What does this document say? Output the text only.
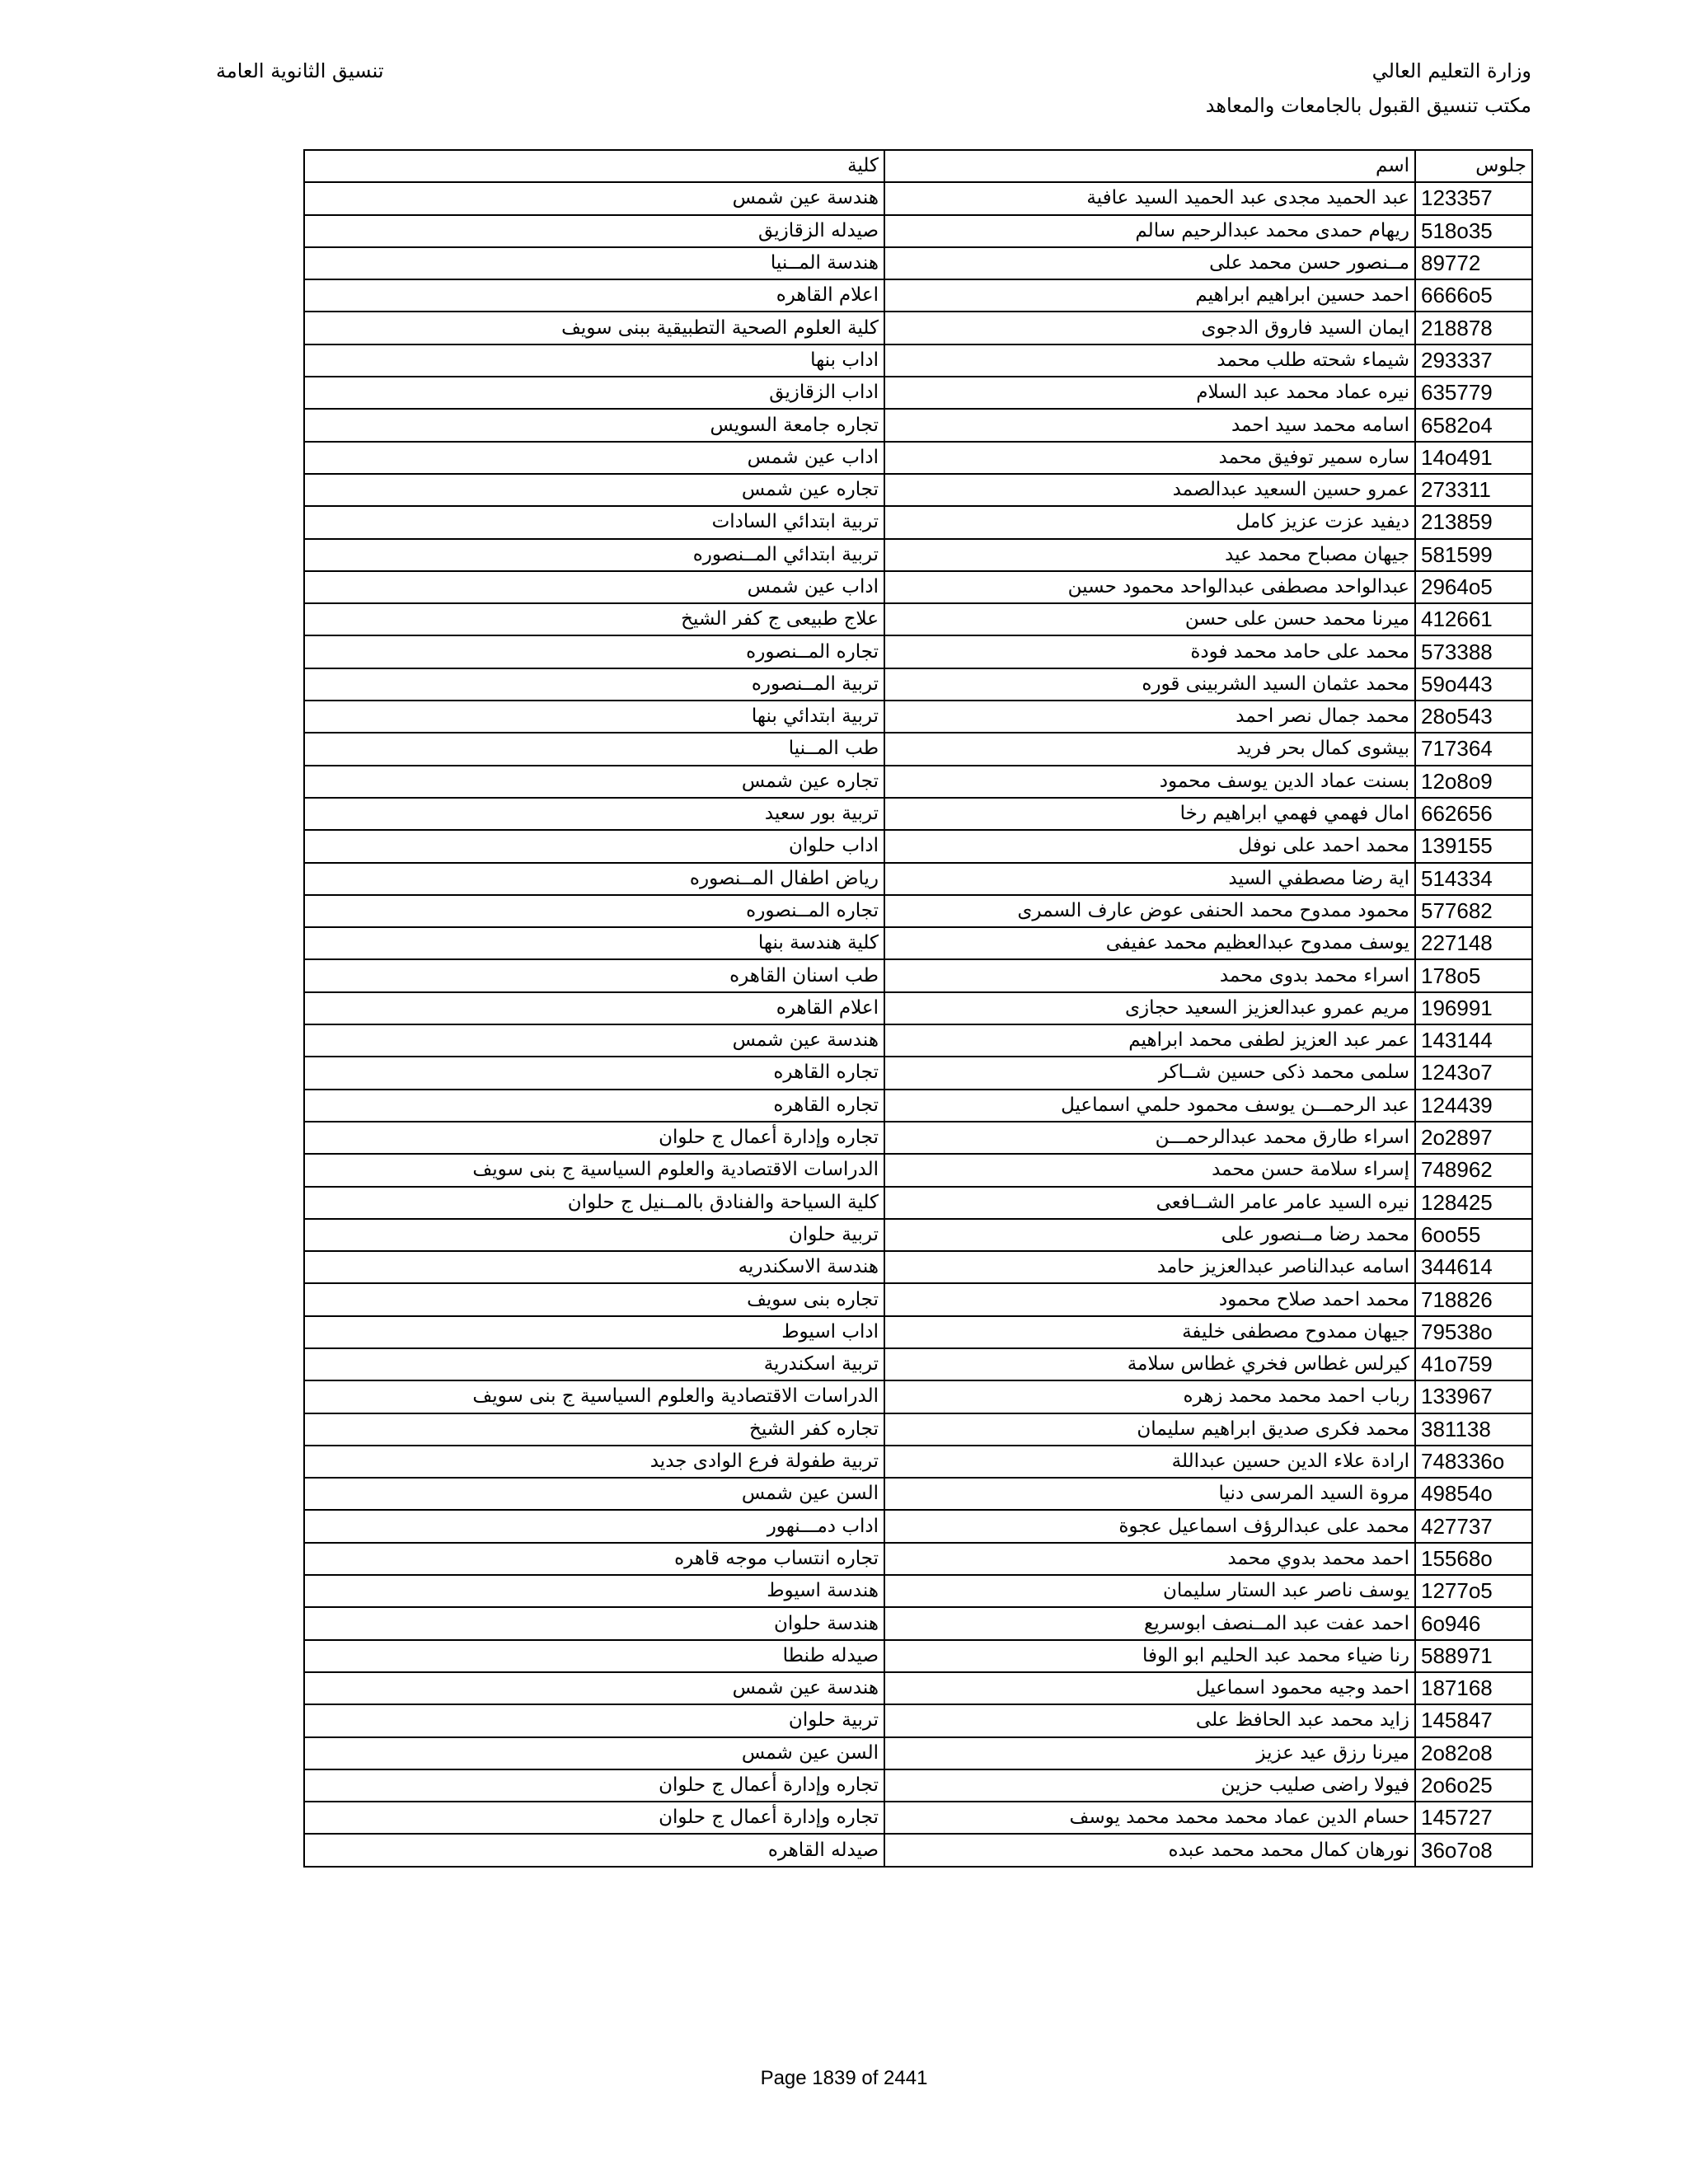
وزارة التعليم العالي
مكتب تنسيق القبول بالجامعات والمعاهد
تنسيق الثانوية العامة
جلوس	اسم	كلية
123357	عبد الحميد مجدى عبد الحميد السيد عافية	هندسة عين شمس
518o35	ريهام حمدى محمد عبدالرحيم سالم	صيدله الزقازيق
89772	مــنصور حسن محمد على	هندسة المــنيا
6666o5	احمد حسين ابراهيم ابراهيم	اعلام القاهره
218878	ايمان السيد فاروق الدجوى	كلية العلوم الصحية التطبيقية ببنى سويف
293337	شيماء شحته طلب محمد	اداب بنها
635779	نيره عماد محمد عبد السلام	اداب الزقازيق
6582o4	اسامه محمد سيد احمد	تجاره جامعة السويس
14o491	ساره سمير توفيق محمد	اداب عين شمس
273311	عمرو حسين السعيد عبدالصمد	تجاره عين شمس
213859	ديفيد عزت عزيز كامل	تربية ابتدائي السادات
581599	جيهان مصباح محمد عيد	تربية ابتدائي المــنصوره
2964o5	عبدالواحد مصطفى عبدالواحد محمود حسين	اداب عين شمس
412661	ميرنا محمد حسن على حسن	علاج طبيعى ج كفر الشيخ
573388	محمد على حامد محمد فودة	تجاره المــنصوره
59o443	محمد عثمان السيد الشربينى قوره	تربية المــنصوره
28o543	محمد جمال نصر احمد	تربية ابتدائي بنها
717364	بيشوى كمال بحر فريد	طب المــنيا
12o8o9	بسنت عماد الدين يوسف محمود	تجاره عين شمس
662656	امال فهمي فهمي ابراهيم رخا	تربية بور سعيد
139155	محمد احمد على نوفل	اداب حلوان
514334	اية رضا مصطفي السيد	رياض اطفال المــنصوره
577682	محمود ممدوح محمد الحنفى عوض عارف السمرى	تجاره المــنصوره
227148	يوسف ممدوح عبدالعظيم محمد عفيفى	كلية هندسة بنها
178o5	اسراء محمد بدوى محمد	طب اسنان القاهره
196991	مريم عمرو عبدالعزيز السعيد حجازى	اعلام القاهره
143144	عمر عبد العزيز لطفى محمد ابراهيم	هندسة عين شمس
1243o7	سلمى محمد ذكى حسين شــاكر	تجاره القاهره
124439	عبد الرحمـــن يوسف محمود حلمي اسماعيل	تجاره القاهره
2o2897	اسراء طارق محمد عبدالرحمـــن	تجاره وإدارة أعمال ج حلوان
748962	إسراء سلامة حسن محمد	الدراسات الاقتصادية والعلوم السياسية ج بنى سويف
128425	نيره السيد عامر عامر الشــافعى	كلية السياحة والفنادق بالمــنيل ج حلوان
6oo55	محمد رضا مــنصور على	تربية حلوان
344614	اسامه عبدالناصر عبدالعزيز حامد	هندسة الاسكندريه
718826	محمد احمد صلاح محمود	تجاره بنى سويف
79538o	جيهان ممدوح مصطفى خليفة	اداب اسيوط
41o759	كيرلس غطاس فخري غطاس سلامة	تربية اسكندرية
133967	رباب احمد محمد محمد زهره	الدراسات الاقتصادية والعلوم السياسية ج بنى سويف
381138	محمد فكرى صديق ابراهيم سليمان	تجاره كفر الشيخ
748336o	ارادة علاء الدين حسين عبداللة	تربية طفولة فرع الوادى جديد
49854o	مروة السيد المرسى دنيا	السن عين شمس
427737	محمد على عبدالرؤف اسماعيل عجوة	اداب دمـــنهور
15568o	احمد محمد بدوي محمد	تجاره انتساب موجه قاهره
1277o5	يوسف ناصر عبد الستار سليمان	هندسة اسيوط
6o946	احمد عفت عبد المــنصف ابوسريع	هندسة حلوان
588971	رنا ضياء محمد عبد الحليم ابو الوفا	صيدله طنطا
187168	احمد وجيه محمود اسماعيل	هندسة عين شمس
145847	زايد محمد عبد الحافظ على	تربية حلوان
2o82o8	ميرنا رزق عيد عزيز	السن عين شمس
2o6o25	فيولا راضى صليب حزين	تجاره وإدارة أعمال ج حلوان
145727	حسام الدين عماد محمد محمد محمد يوسف	تجاره وإدارة أعمال ج حلوان
36o7o8	نورهان كمال محمد محمد عبده	صيدله القاهره
Page 1839 of 2441
